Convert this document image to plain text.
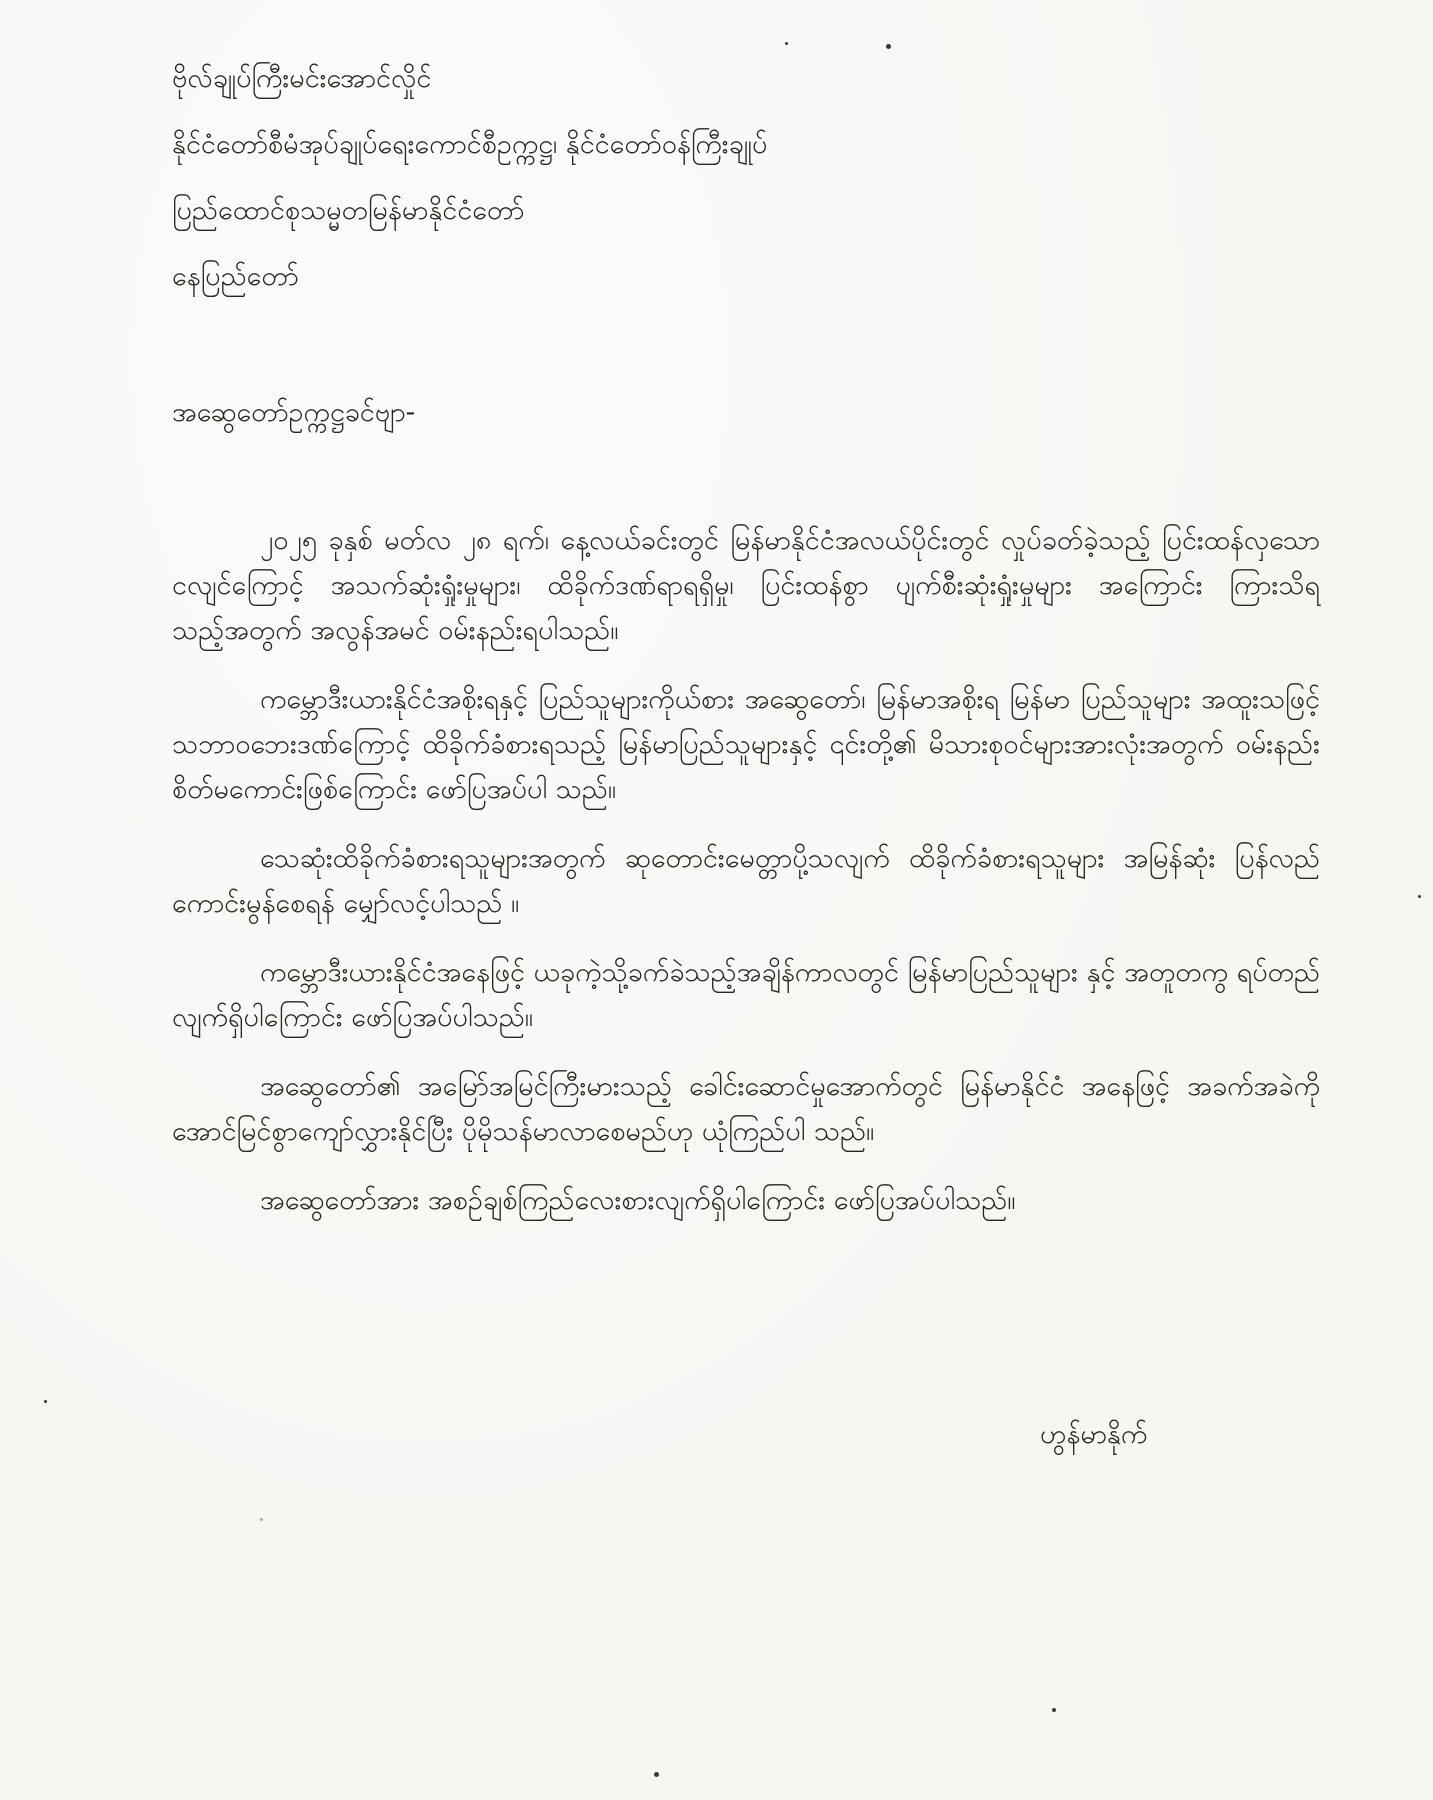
ဗိုလ်ချုပ်ကြီးမင်းအောင်လှိုင်
နိုင်ငံတော်စီမံအုပ်ချုပ်ရေးကောင်စီဥက္ကဋ္ဌ၊ နိုင်ငံတော်ဝန်ကြီးချုပ်
ပြည်ထောင်စုသမ္မတမြန်မာနိုင်ငံတော်
နေပြည်တော်
အဆွေတော်ဥက္ကဋ္ဌခင်ဗျာ-

၂၀၂၅ ခုနှစ် မတ်လ ၂၈ ရက်၊ နေ့လယ်ခင်းတွင် မြန်မာနိုင်ငံအလယ်ပိုင်းတွင် လှုပ်ခတ်ခဲ့သည့် ပြင်းထန်လှသောငလျင်ကြောင့် အသက်ဆုံးရှုံးမှုများ၊ ထိခိုက်ဒဏ်ရာရရှိမှု၊ ပြင်းထန်စွာ ပျက်စီးဆုံးရှုံးမှုများ အကြောင်း ကြားသိရသည့်အတွက် အလွန်အမင် ဝမ်းနည်းရပါသည်။

ကမ္ဘောဒီးယားနိုင်ငံအစိုးရနှင့် ပြည်သူများကိုယ်စား အဆွေတော်၊ မြန်မာအစိုးရ မြန်မာ ပြည်သူများ အထူးသဖြင့် သဘာဝဘေးဒဏ်ကြောင့် ထိခိုက်ခံစားရသည့် မြန်မာပြည်သူများနှင့် ၎င်းတို့၏ မိသားစုဝင်များအားလုံးအတွက် ဝမ်းနည်းစိတ်မကောင်းဖြစ်ကြောင်း ဖော်ပြအပ်ပါ သည်။

သေဆုံးထိခိုက်ခံစားရသူများအတွက် ဆုတောင်းမေတ္တာပို့သလျက် ထိခိုက်ခံစားရသူများ အမြန်ဆုံး ပြန်လည်ကောင်းမွန်စေရန် မျှော်လင့်ပါသည် ။

ကမ္ဘောဒီးယားနိုင်ငံအနေဖြင့် ယခုကဲ့သို့ခက်ခဲသည့်အချိန်ကာလတွင် မြန်မာပြည်သူများ နှင့် အတူတကွ ရပ်တည်လျက်ရှိပါကြောင်း ဖော်ပြအပ်ပါသည်။

အဆွေတော်၏ အမြော်အမြင်ကြီးမားသည့် ခေါင်းဆောင်မှုအောက်တွင် မြန်မာနိုင်ငံ အနေဖြင့် အခက်အခဲကို အောင်မြင်စွာကျော်လွှားနိုင်ပြီး ပိုမိုသန်မာလာစေမည်ဟု ယုံကြည်ပါ သည်။

အဆွေတော်အား အစဉ်ချစ်ကြည်လေးစားလျက်ရှိပါကြောင်း ဖော်ပြအပ်ပါသည်။

ဟွန်မာနိုက်
